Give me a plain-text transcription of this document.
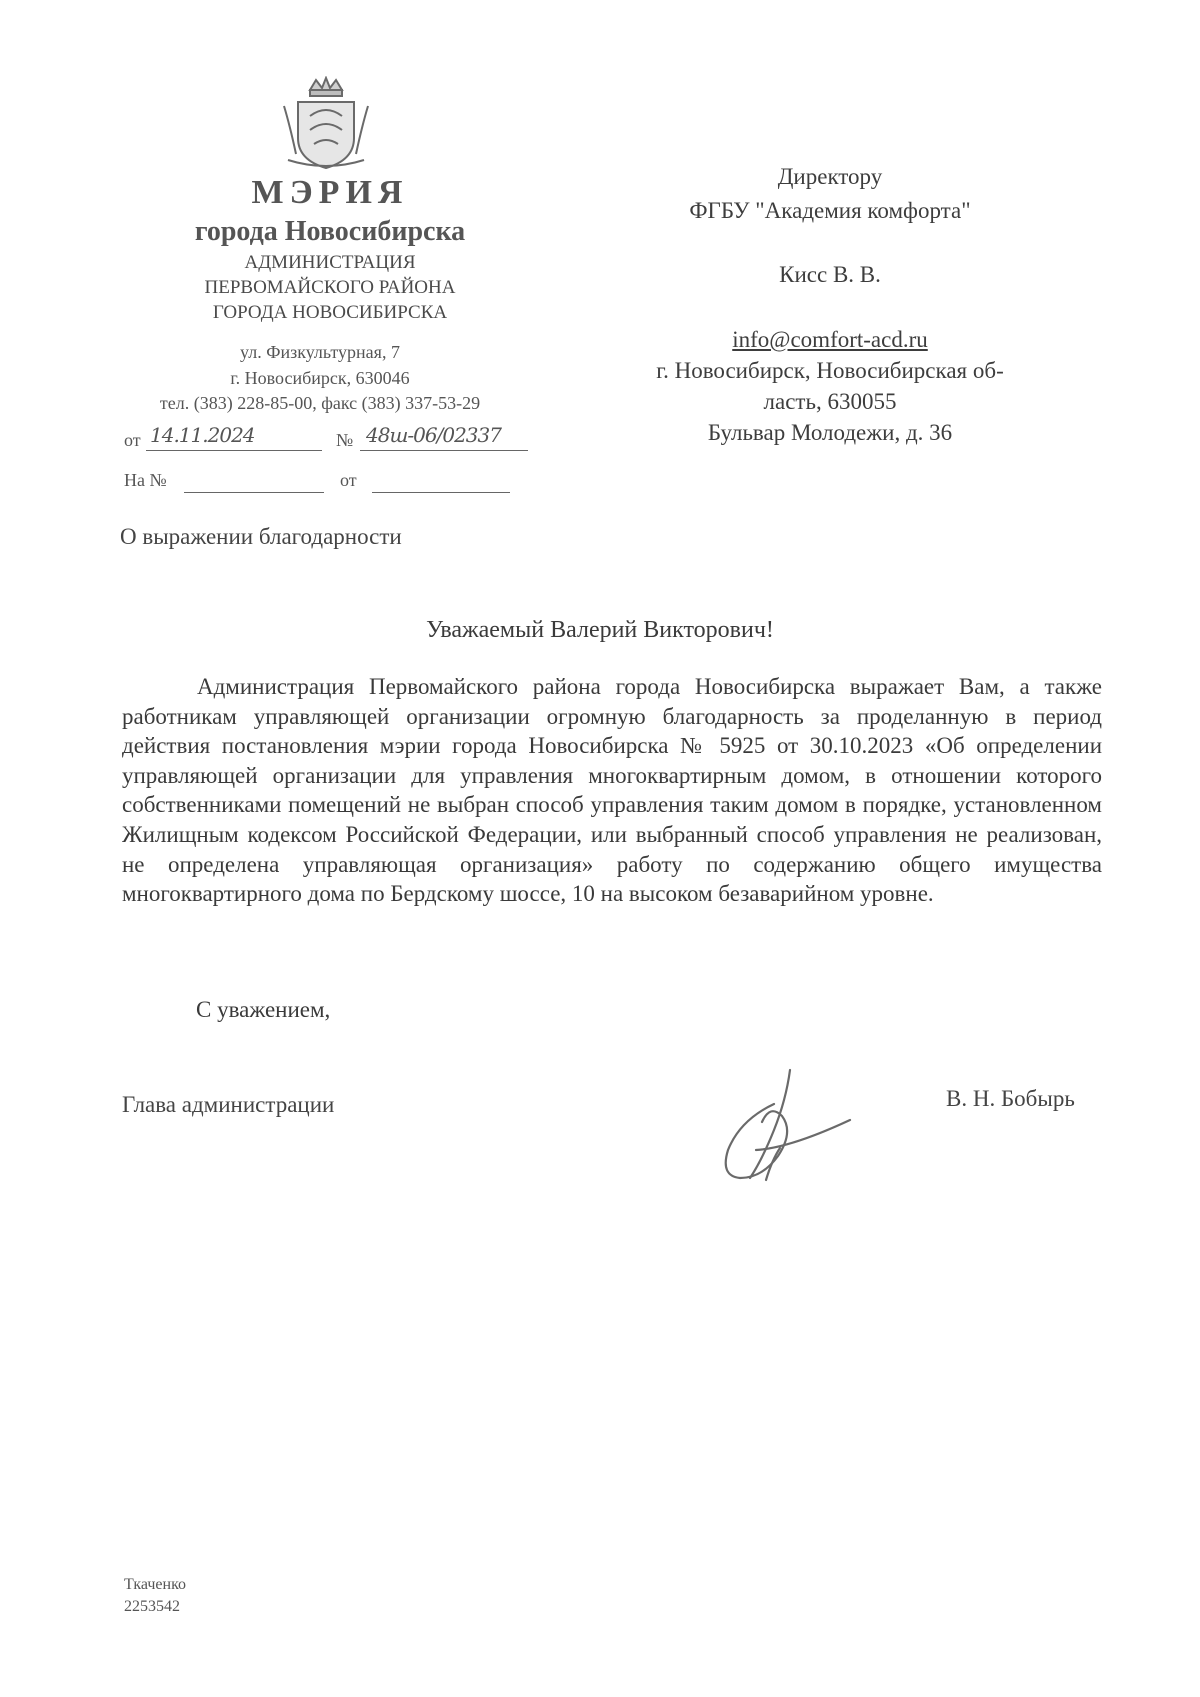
МЭРИЯ
города Новосибирска
АДМИНИСТРАЦИЯ
ПЕРВОМАЙСКОГО РАЙОНА
ГОРОДА НОВОСИБИРСКА
ул. Физкультурная, 7
г. Новосибирск, 630046
тел. (383) 228-85-00, факс (383) 337-53-29
от 14.11.2024	№ 48ш-06/02337
На №	от
Директору
ФГБУ "Академия комфорта"
Кисс В. В.
info@comfort-acd.ru
г. Новосибирск, Новосибирская об-
ласть, 630055
Бульвар Молодежи, д. 36
О выражении благодарности
Уважаемый Валерий Викторович!
Администрация Первомайского района города Новосибирска выражает Вам, а также работникам управляющей организации огромную благодарность за проделанную в период действия постановления мэрии города Новосибирска № 5925 от 30.10.2023 «Об определении управляющей организации для управления многоквартирным домом, в отношении которого собственниками помещений не выбран способ управления таким домом в порядке, установленном Жилищным кодексом Российской Федерации, или выбранный способ управления не реализован, не определена управляющая организация» работу по содержанию общего имущества многоквартирного дома по Бердскому шоссе, 10 на высоком безаварийном уровне.
С уважением,
Глава администрации	В. Н. Бобырь
Ткаченко
2253542
